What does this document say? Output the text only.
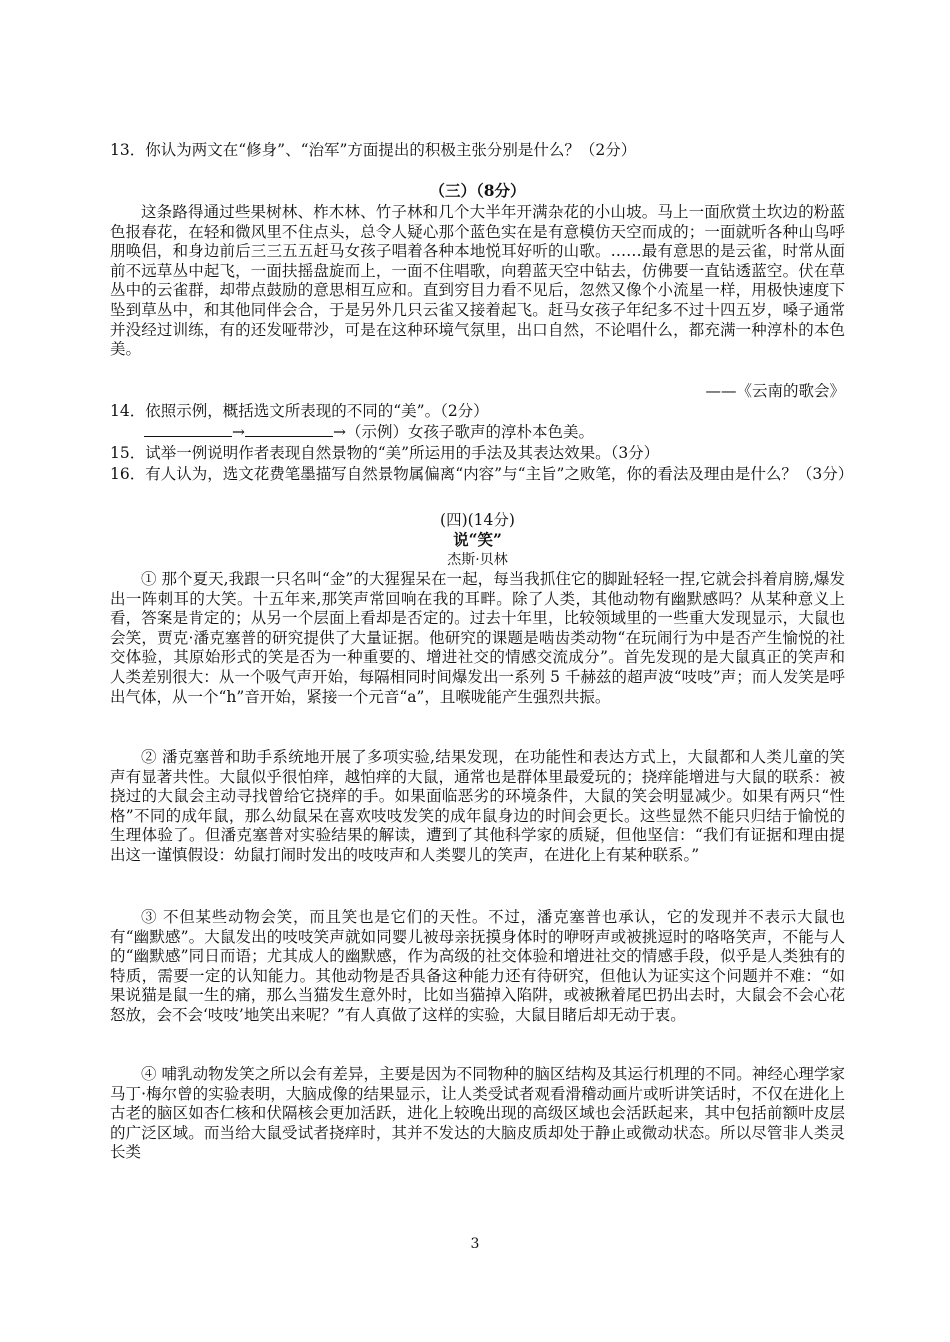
13．你认为两文在“修身”、“治军”方面提出的积极主张分别是什么？（2分）
（三）（8分）
这条路得通过些果树林、柞木林、竹子林和几个大半年开满杂花的小山坡。马上一面欣赏土坎边的粉蓝色报春花，在轻和微风里不住点头，总令人疑心那个蓝色实在是有意模仿天空而成的；一面就听各种山鸟呼朋唤侣，和身边前后三三五五赶马女孩子唱着各种本地悦耳好听的山歌。……最有意思的是云雀，时常从面前不远草丛中起飞，一面扶摇盘旋而上，一面不住唱歌，向碧蓝天空中钻去，仿佛要一直钻透蓝空。伏在草丛中的云雀群，却带点鼓励的意思相互应和。直到穷目力看不见后，忽然又像个小流星一样，用极快速度下坠到草丛中，和其他同伴会合，于是另外几只云雀又接着起飞。赶马女孩子年纪多不过十四五岁，嗓子通常并没经过训练，有的还发哑带沙，可是在这种环境气氛里，出口自然，不论唱什么，都充满一种淳朴的本色美。
——《云南的歌会》
14．依照示例，概括选文所表现的不同的“美”。（2分）
→	→（示例）女孩子歌声的淳朴本色美。
15．试举一例说明作者表现自然景物的“美”所运用的手法及其表达效果。（3分）
16．有人认为，选文花费笔墨描写自然景物属偏离“内容”与“主旨”之败笔，你的看法及理由是什么？（3分）
(四)(14分)
说“笑”
杰斯·贝林
① 那个夏天,我跟一只名叫“金”的大猩猩呆在一起，每当我抓住它的脚趾轻轻一捏,它就会抖着肩膀,爆发出一阵刺耳的大笑。十五年来,那笑声常回响在我的耳畔。除了人类，其他动物有幽默感吗？从某种意义上看，答案是肯定的；从另一个层面上看却是否定的。过去十年里，比较领域里的一些重大发现显示，大鼠也会笑，贾克·潘克塞普的研究提供了大量证据。他研究的课题是啮齿类动物“在玩闹行为中是否产生愉悦的社交体验，其原始形式的笑是否为一种重要的、增进社交的情感交流成分”。首先发现的是大鼠真正的笑声和人类差别很大：从一个吸气声开始，每隔相同时间爆发出一系列 5 千赫兹的超声波“吱吱”声；而人发笑是呼出气体，从一个“h”音开始，紧接一个元音“a”，且喉咙能产生强烈共振。
② 潘克塞普和助手系统地开展了多项实验,结果发现，在功能性和表达方式上，大鼠都和人类儿童的笑声有显著共性。大鼠似乎很怕痒，越怕痒的大鼠，通常也是群体里最爱玩的；挠痒能增进与大鼠的联系：被挠过的大鼠会主动寻找曾给它挠痒的手。如果面临恶劣的环境条件，大鼠的笑会明显减少。如果有两只“性格”不同的成年鼠，那么幼鼠呆在喜欢吱吱发笑的成年鼠身边的时间会更长。这些显然不能只归结于愉悦的生理体验了。但潘克塞普对实验结果的解读，遭到了其他科学家的质疑，但他坚信：“我们有证据和理由提出这一谨慎假设：幼鼠打闹时发出的吱吱声和人类婴儿的笑声，在进化上有某种联系。”
③ 不但某些动物会笑，而且笑也是它们的天性。不过，潘克塞普也承认，它的发现并不表示大鼠也有“幽默感”。大鼠发出的吱吱笑声就如同婴儿被母亲抚摸身体时的咿呀声或被挑逗时的咯咯笑声，不能与人的“幽默感”同日而语；尤其成人的幽默感，作为高级的社交体验和增进社交的情感手段，似乎是人类独有的特质，需要一定的认知能力。其他动物是否具备这种能力还有待研究，但他认为证实这个问题并不难：“如果说猫是鼠一生的痛，那么当猫发生意外时，比如当猫掉入陷阱，或被揪着尾巴扔出去时，大鼠会不会心花怒放，会不会‘吱吱’地笑出来呢？”有人真做了这样的实验，大鼠目睹后却无动于衷。
④ 哺乳动物发笑之所以会有差异，主要是因为不同物种的脑区结构及其运行机理的不同。神经心理学家马丁·梅尔曾的实验表明，大脑成像的结果显示，让人类受试者观看滑稽动画片或听讲笑话时，不仅在进化上古老的脑区如杏仁核和伏隔核会更加活跃，进化上较晚出现的高级区域也会活跃起来，其中包括前额叶皮层的广泛区域。而当给大鼠受试者挠痒时，其并不发达的大脑皮质却处于静止或微动状态。所以尽管非人类灵长类
3
